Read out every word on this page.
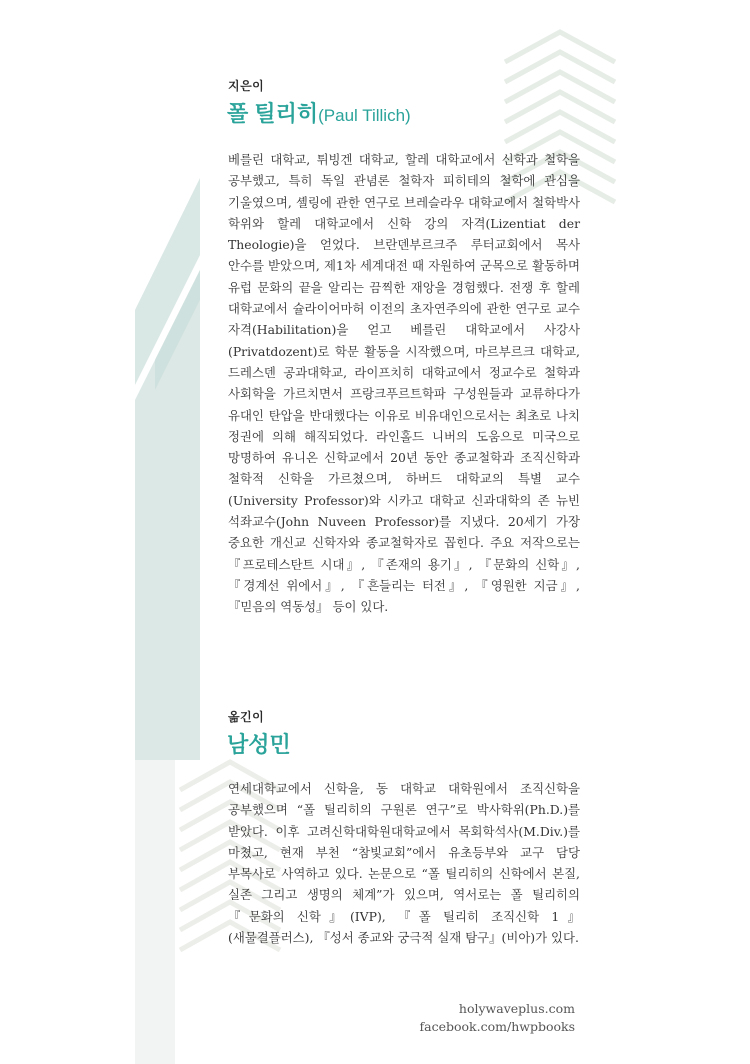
지은이
폴 틸리히(Paul Tillich)

베를린 대학교, 튀빙겐 대학교, 할레 대학교에서 신학과 철학을 공부했고, 특히 독일 관념론 철학자 피히테의 철학에 관심을 기울였으며, 셸링에 관한 연구로 브레슬라우 대학교에서 철학박사 학위와 할레 대학교에서 신학 강의 자격(Lizentiat der Theologie)을 얻었다. 브란덴부르크주 루터교회에서 목사 안수를 받았으며, 제1차 세계대전 때 자원하여 군목으로 활동하며 유럽 문화의 끝을 알리는 끔찍한 재앙을 경험했다. 전쟁 후 할레 대학교에서 슐라이어마허 이전의 초자연주의에 관한 연구로 교수 자격(Habilitation)을 얻고 베를린 대학교에서 사강사(Privatdozent)로 학문 활동을 시작했으며, 마르부르크 대학교, 드레스덴 공과대학교, 라이프치히 대학교에서 정교수로 철학과 사회학을 가르치면서 프랑크푸르트학파 구성원들과 교류하다가 유대인 탄압을 반대했다는 이유로 비유대인으로서는 최초로 나치 정권에 의해 해직되었다. 라인홀드 니버의 도움으로 미국으로 망명하여 유니온 신학교에서 20년 동안 종교철학과 조직신학과 철학적 신학을 가르쳤으며, 하버드 대학교의 특별 교수(University Professor)와 시카고 대학교 신과대학의 존 뉴빈 석좌교수(John Nuveen Professor)를 지냈다. 20세기 가장 중요한 개신교 신학자와 종교철학자로 꼽힌다. 주요 저작으로는 『프로테스탄트 시대』, 『존재의 용기』, 『문화의 신학』, 『경계선 위에서』, 『흔들리는 터전』, 『영원한 지금』, 『믿음의 역동성』 등이 있다.

옮긴이
남성민

연세대학교에서 신학을, 동 대학교 대학원에서 조직신학을 공부했으며 “폴 틸리히의 구원론 연구”로 박사학위(Ph.D.)를 받았다. 이후 고려신학대학원대학교에서 목회학석사(M.Div.)를 마쳤고, 현재 부천 “참빛교회”에서 유초등부와 교구 담당 부목사로 사역하고 있다. 논문으로 “폴 틸리히의 신학에서 본질, 실존 그리고 생명의 체계”가 있으며, 역서로는 폴 틸리히의 『문화의 신학』(IVP), 『폴 틸리히 조직신학 1』(새물결플러스), 『성서 종교와 궁극적 실재 탐구』(비아)가 있다.

holywaveplus.com
facebook.com/hwpbooks
